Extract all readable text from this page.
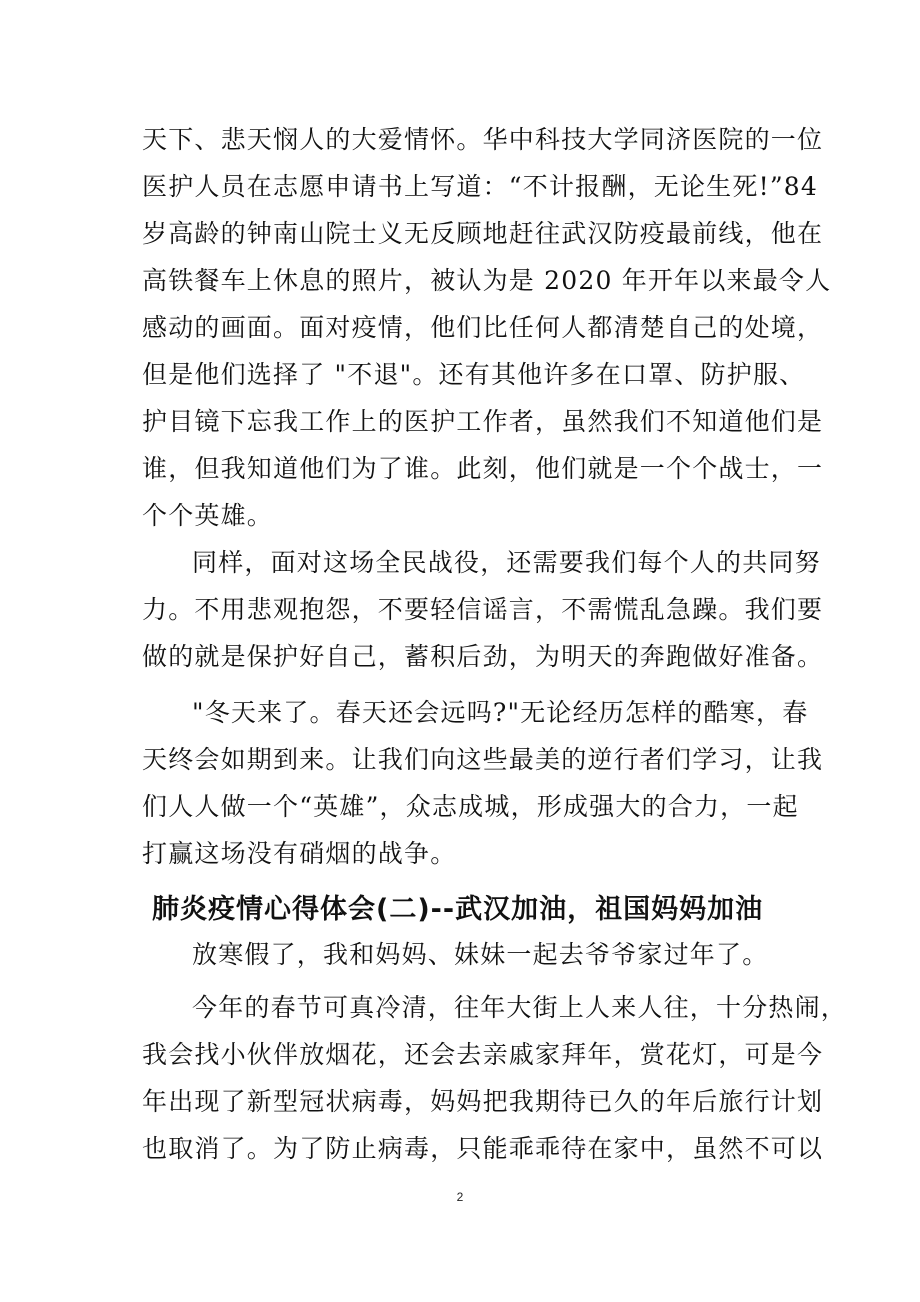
天下、悲天悯人的大爱情怀。华中科技大学同济医院的一位
医护人员在志愿申请书上写道：“不计报酬，无论生死!”84
岁高龄的钟南山院士义无反顾地赶往武汉防疫最前线，他在
高铁餐车上休息的照片，被认为是 2020 年开年以来最令人
感动的画面。面对疫情，他们比任何人都清楚自己的处境，
但是他们选择了 "不退"。还有其他许多在口罩、防护服、
护目镜下忘我工作上的医护工作者，虽然我们不知道他们是
谁，但我知道他们为了谁。此刻，他们就是一个个战士，一
个个英雄。
同样，面对这场全民战役，还需要我们每个人的共同努
力。不用悲观抱怨，不要轻信谣言，不需慌乱急躁。我们要
做的就是保护好自己，蓄积后劲，为明天的奔跑做好准备。
"冬天来了。春天还会远吗?"无论经历怎样的酷寒，春
天终会如期到来。让我们向这些最美的逆行者们学习，让我
们人人做一个“英雄”，众志成城，形成强大的合力，一起
打赢这场没有硝烟的战争。
肺炎疫情心得体会(二)--武汉加油，祖国妈妈加油
放寒假了，我和妈妈、妹妹一起去爷爷家过年了。
今年的春节可真冷清，往年大街上人来人往，十分热闹，
我会找小伙伴放烟花，还会去亲戚家拜年，赏花灯，可是今
年出现了新型冠状病毒，妈妈把我期待已久的年后旅行计划
也取消了。为了防止病毒，只能乖乖待在家中，虽然不可以
2
